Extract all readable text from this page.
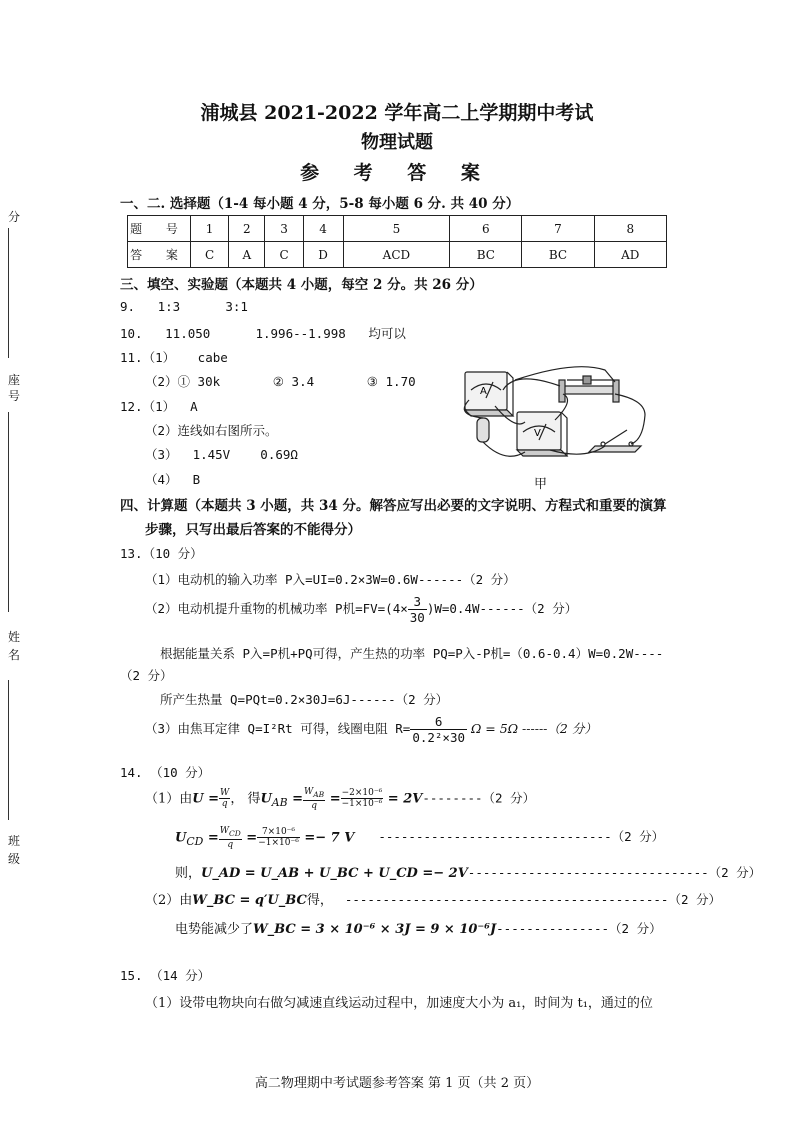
分
座号
姓名
班级
浦城县 2021-2022 学年高二上学期期中考试
物理试题
参 考 答 案
一、二. 选择题（1-4 每小题 4 分，5-8 每小题 6 分. 共 40 分）
题 号	1	2	3	4	5	6	7	8
答 案	C	A	C	D	ACD	BC	BC	AD
三、填空、实验题（本题共 4 小题，每空 2 分。共 26 分）
9.   1:3      3:1
10.   11.050      1.996--1.998   均可以
11.（1）   cabe
（2）① 30k       ② 3.4       ③ 1.70
12.（1）  A
（2）连线如右图所示。
（3）  1.45V    0.69Ω
（4）  B
A
V
甲
四、计算题（本题共 3 小题，共 34 分。解答应写出必要的文字说明、方程式和重要的演算
步骤，只写出最后答案的不能得分）
13.（10 分）
（1）电动机的输入功率 P入=UI=0.2×3W=0.6W------（2 分）
（2）电动机提升重物的机械功率 P机$=FV=(4\times \frac{3}{30} )W=0.4W------(2$ 分）
根据能量关系 P入=P机+PQ可得，产生热的功率 PQ=P入-P机=（0.6-0.4）W=0.2W----
（2 分）
所产生热量 Q=PQt=0.2×30J=6J------（2 分）
（3）由焦耳定律 Q=I²Rt 可得，线圈电阻 $R= \frac{6}{\text{0.2²×30}}$ Ω = 5Ω ------（2 分）
14. （10 分）
（1）由$U = \frac{W}{q}$ ， 得$U_{AB} = W_{AB}$
$q = \frac{\text{−2×10⁻⁶}}{\text{−1×10⁻⁶}} = 2V--------(2$ 分）
$U_{CD} = W_{CD}$
$q = \frac{\text{7×10⁻⁶}}{\text{−1×10⁻⁶}} =- 7$ V -------------------------------（2 分）
则，U_AD = U_AB + U_BC + U_CD =− 2V--------------------------------（2 分）
（2）由W_BC = q′U_BC得， -------------------------------------------（2 分）
电势能减少了W_BC = 3 × 10⁻⁶ × 3J = 9 × 10⁻⁶J---------------（2 分）
15. （14 分）
（1）设带电物块向右做匀减速直线运动过程中，加速度大小为 a₁，时间为 t₁，通过的位
高二物理期中考试题参考答案 第 1 页（共 2 页）
